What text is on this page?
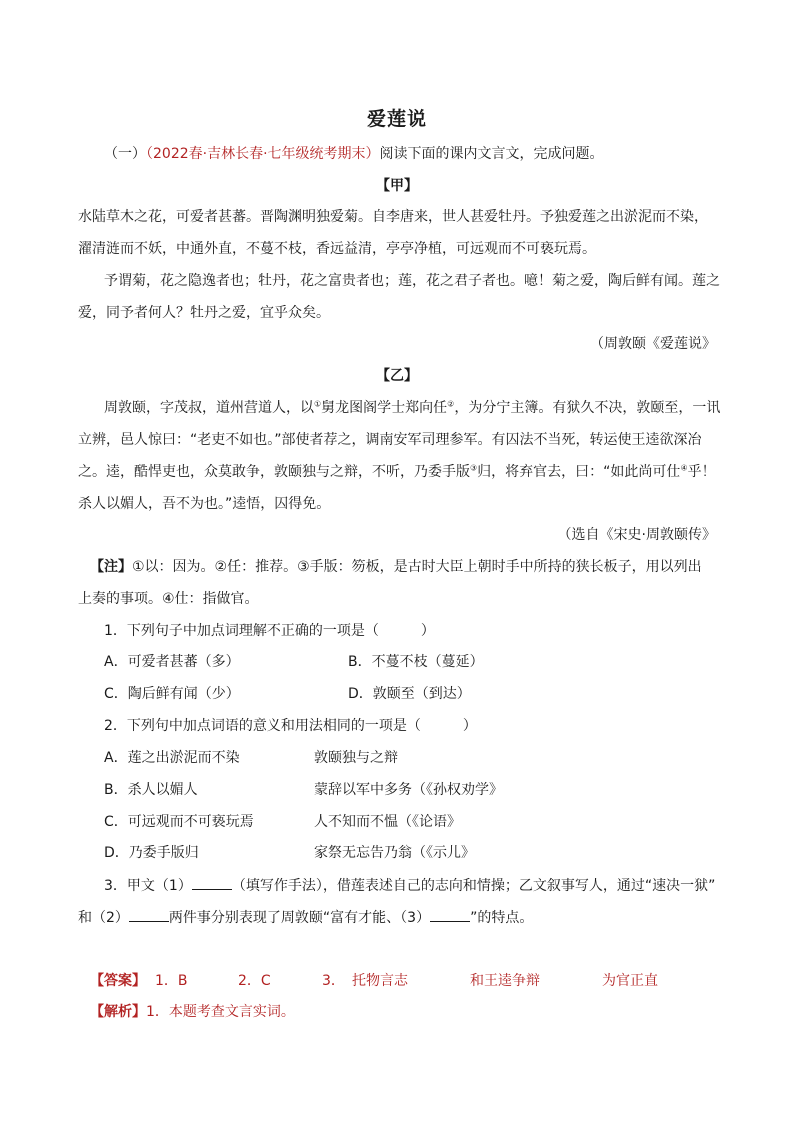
爱莲说
（一）（2022春·吉林长春·七年级统考期末）阅读下面的课内文言文，完成问题。
【甲】
水陆草木之花，可爱者甚蕃。晋陶渊明独爱菊。自李唐来，世人甚爱牡丹。予独爱莲之出淤泥而不染，
濯清涟而不妖，中通外直，不蔓不枝，香远益清，亭亭净植，可远观而不可亵玩焉。
予谓菊，花之隐逸者也；牡丹，花之富贵者也；莲，花之君子者也。噫！菊之爱，陶后鲜有闻。莲之
爱，同予者何人？牡丹之爱，宜乎众矣。
（周敦颐《爱莲说》
【乙】
周敦颐，字茂叔，道州营道人，以①舅龙图阁学士郑向任②，为分宁主簿。有狱久不决，敦颐至，一讯
立辨，邑人惊曰：“老吏不如也。”部使者荐之，调南安军司理参军。有囚法不当死，转运使王逵欲深冶
之。逵，酷悍吏也，众莫敢争，敦颐独与之辩，不听，乃委手版③归，将弃官去，曰：“如此尚可仕④乎！
杀人以媚人，吾不为也。”逵悟，囚得免。
（选自《宋史·周敦颐传》
【注】①以：因为。②任：推荐。③手版：笏板，是古时大臣上朝时手中所持的狭长板子，用以列出
上奏的事项。④仕：指做官。
1．下列句子中加点词理解不正确的一项是（　　　）
A．可爱者甚蕃（多）	B．不蔓不枝（蔓延）
C．陶后鲜有闻（少）	D．敦颐至（到达）
2．下列句中加点词语的意义和用法相同的一项是（　　　）
A．莲之出淤泥而不染	敦颐独与之辩
B．杀人以媚人	蒙辞以军中多务（《孙权劝学》
C．可远观而不可亵玩焉	人不知而不愠（《论语》
D．乃委手版归	家祭无忘告乃翁（《示儿》
3．甲文（1）	（填写作手法），借莲表述自己的志向和情操；乙文叙事写人，通过“速决一狱”
和（2）	两件事分别表现了周敦颐“富有才能、（3）	”的特点。
【答案】 1．B	2．C	3． 托物言志	和王逵争辩	为官正直
【解析】1．本题考查文言实词。
